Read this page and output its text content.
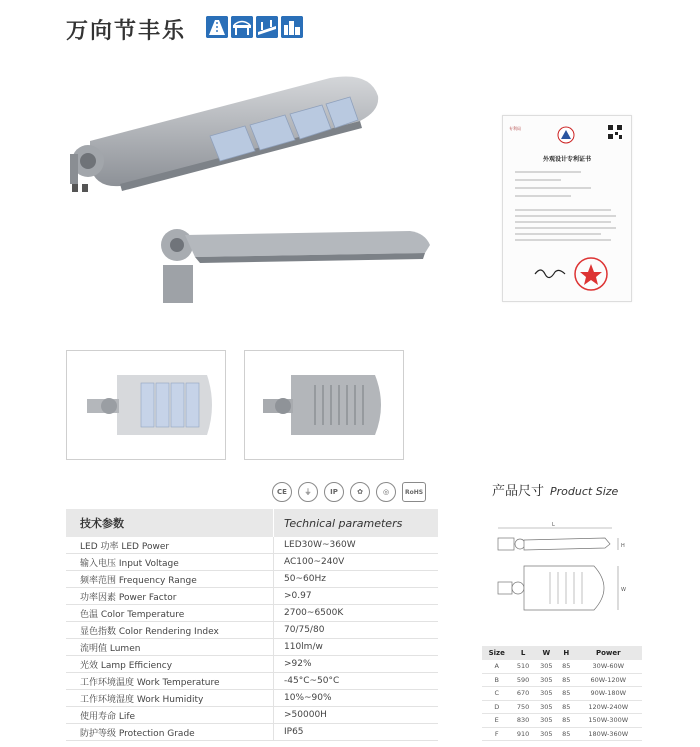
万向节丰乐
专利局
外观设计专利证书
CE	⏚	IP	✿	◎	RoHS
技术参数	Technical parameters
LED 功率 LED Power	LED30W~360W
输入电压 Input Voltage	AC100~240V
频率范围 Frequency Range	50~60Hz
功率因素 Power Factor	>0.97
色温 Color Temperature	2700~6500K
显色指数 Color Rendering Index	70/75/80
流明值 Lumen	110lm/w
光效 Lamp Efficiency	>92%
工作环境温度 Work Temperature	-45°C~50°C
工作环境湿度 Work Humidity	10%~90%
使用寿命 Life	>50000H
防护等级 Protection Grade	IP65
产品尺寸 Product Size
L
H
W
Size	L	W	H	Power
A	510	305	85	30W-60W
B	590	305	85	60W-120W
C	670	305	85	90W-180W
D	750	305	85	120W-240W
E	830	305	85	150W-300W
F	910	305	85	180W-360W
